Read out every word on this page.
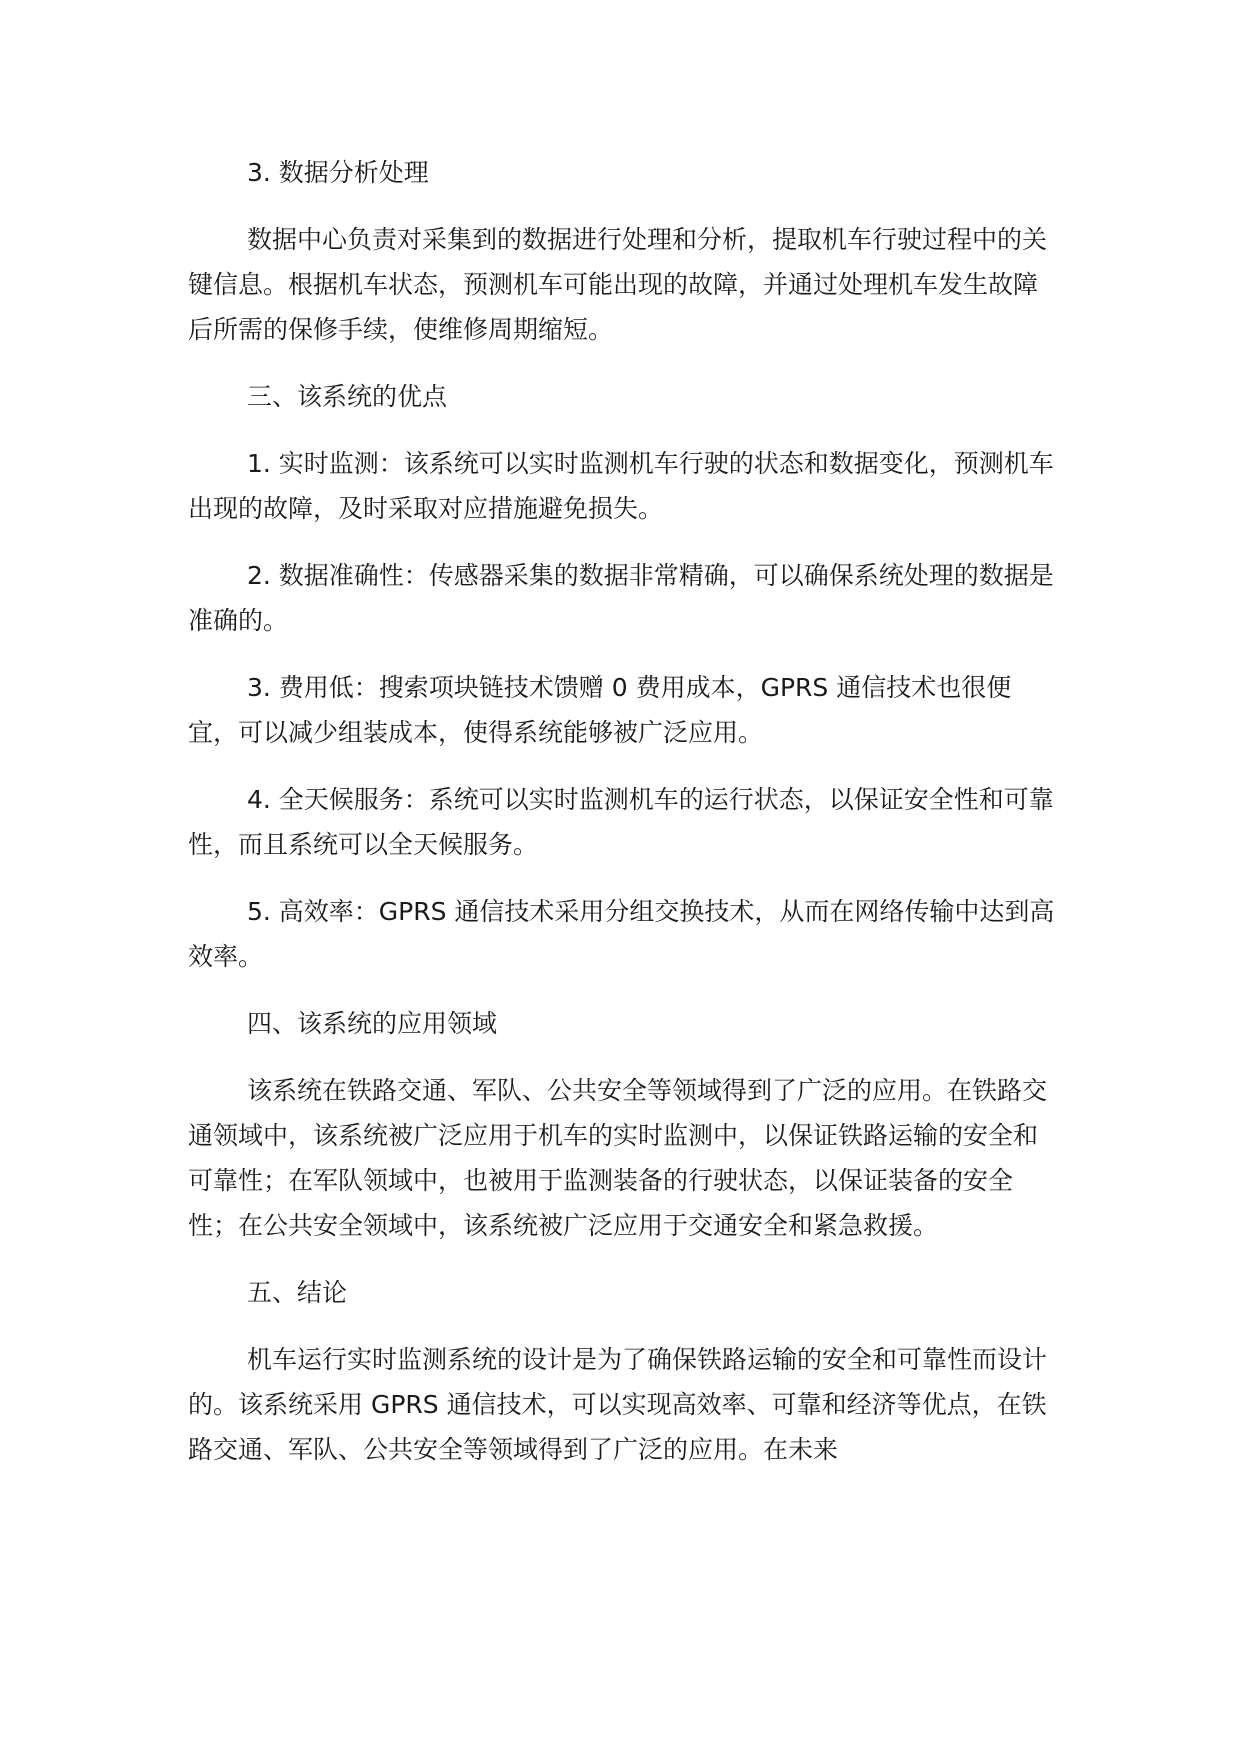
3. 数据分析处理

数据中心负责对采集到的数据进行处理和分析，提取机车行驶过程中的关键信息。根据机车状态，预测机车可能出现的故障，并通过处理机车发生故障后所需的保修手续，使维修周期缩短。

三、该系统的优点

1. 实时监测：该系统可以实时监测机车行驶的状态和数据变化，预测机车出现的故障，及时采取对应措施避免损失。

2. 数据准确性：传感器采集的数据非常精确，可以确保系统处理的数据是准确的。

3. 费用低：搜索项块链技术馈赠 0 费用成本，GPRS 通信技术也很便宜，可以减少组装成本，使得系统能够被广泛应用。

4. 全天候服务：系统可以实时监测机车的运行状态，以保证安全性和可靠性，而且系统可以全天候服务。

5. 高效率：GPRS 通信技术采用分组交换技术，从而在网络传输中达到高效率。

四、该系统的应用领域

该系统在铁路交通、军队、公共安全等领域得到了广泛的应用。在铁路交通领域中，该系统被广泛应用于机车的实时监测中，以保证铁路运输的安全和可靠性；在军队领域中，也被用于监测装备的行驶状态，以保证装备的安全性；在公共安全领域中，该系统被广泛应用于交通安全和紧急救援。

五、结论

机车运行实时监测系统的设计是为了确保铁路运输的安全和可靠性而设计的。该系统采用 GPRS 通信技术，可以实现高效率、可靠和经济等优点，在铁路交通、军队、公共安全等领域得到了广泛的应用。在未来
